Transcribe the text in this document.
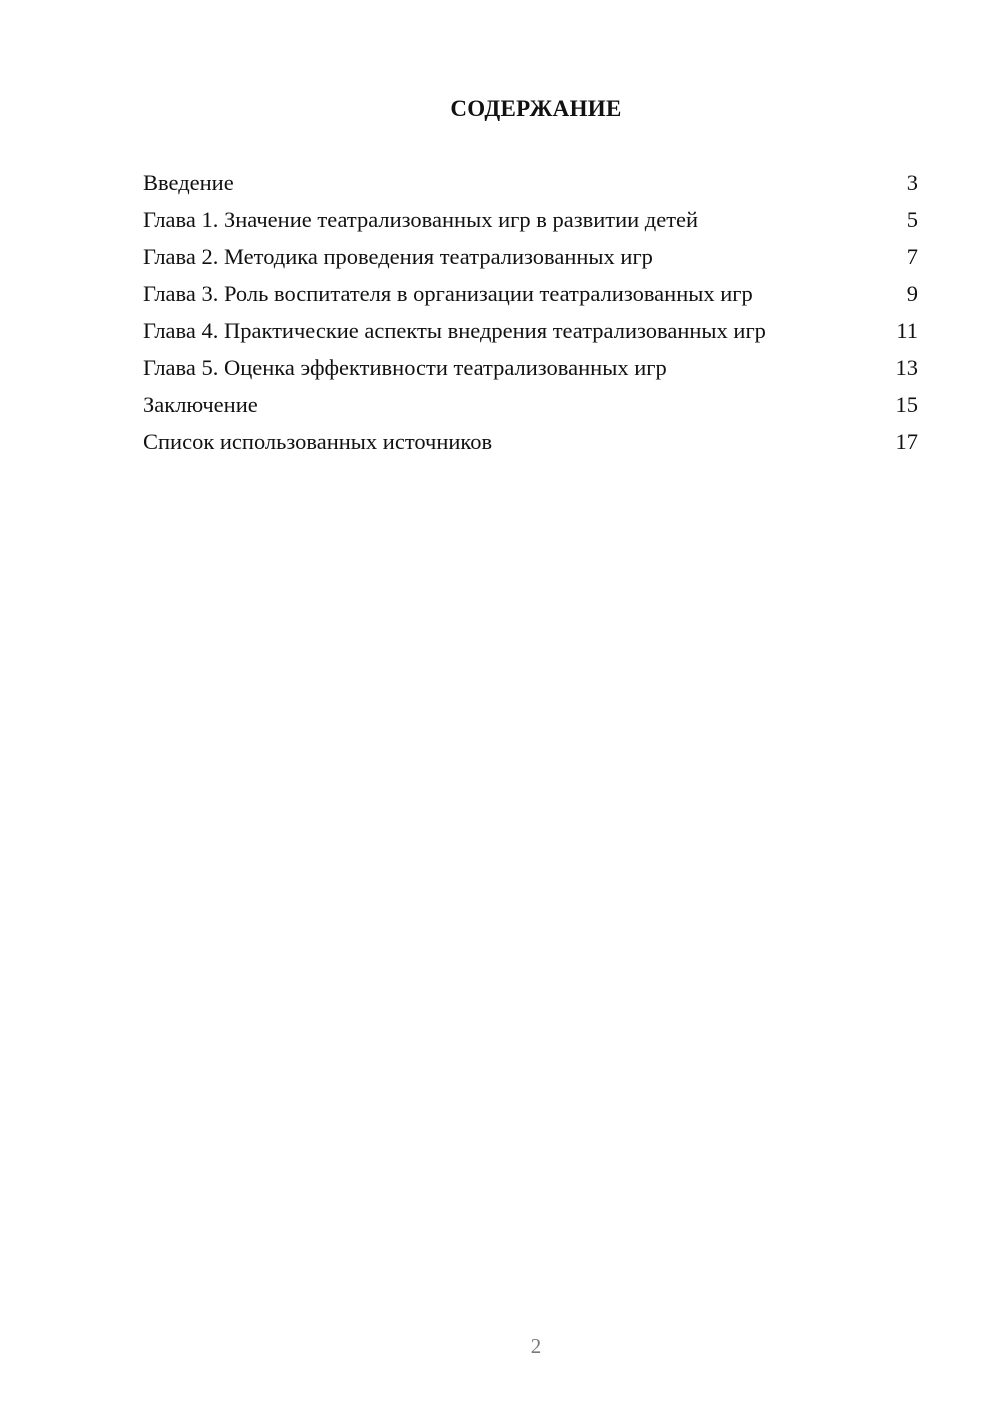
СОДЕРЖАНИЕ
Введение	3
Глава 1. Значение театрализованных игр в развитии детей	5
Глава 2. Методика проведения театрализованных игр	7
Глава 3. Роль воспитателя в организации театрализованных игр	9
Глава 4. Практические аспекты внедрения театрализованных игр	11
Глава 5. Оценка эффективности театрализованных игр	13
Заключение	15
Список использованных источников	17
2
